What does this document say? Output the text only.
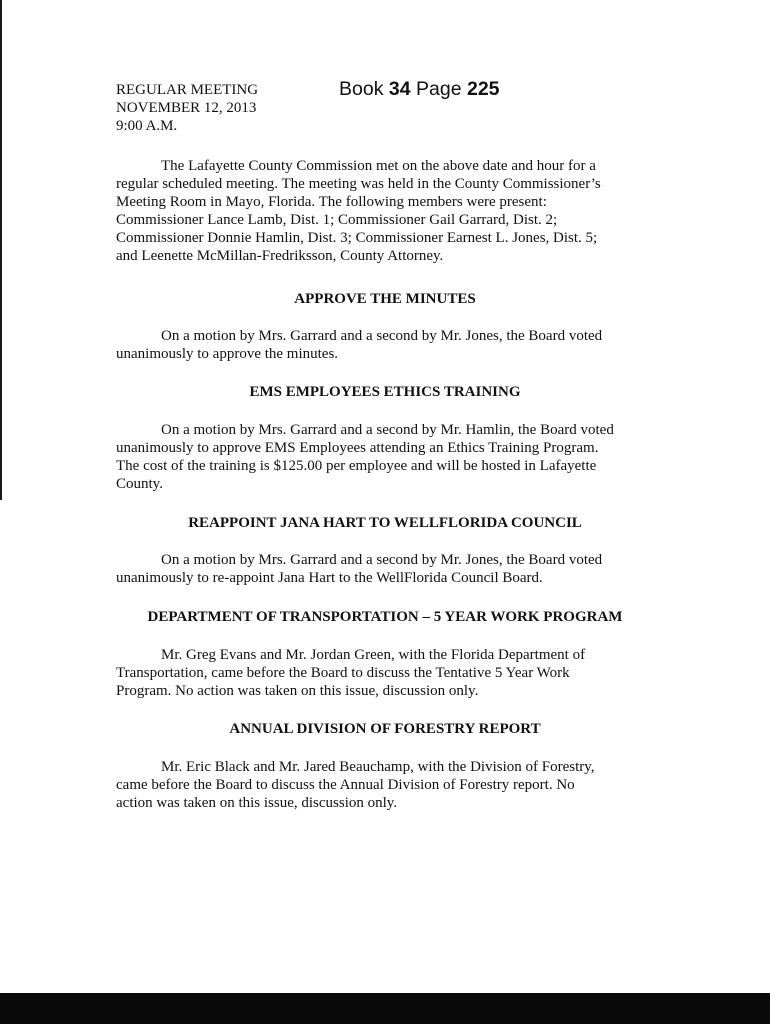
REGULAR MEETING
NOVEMBER 12, 2013
9:00 A.M.
Book 34 Page 225
The Lafayette County Commission met on the above date and hour for a
regular scheduled meeting. The meeting was held in the County Commissioner’s
Meeting Room in Mayo, Florida. The following members were present:
Commissioner Lance Lamb, Dist. 1; Commissioner Gail Garrard, Dist. 2;
Commissioner Donnie Hamlin, Dist. 3; Commissioner Earnest L. Jones, Dist. 5;
and Leenette McMillan-Fredriksson, County Attorney.
APPROVE THE MINUTES
On a motion by Mrs. Garrard and a second by Mr. Jones, the Board voted
unanimously to approve the minutes.
EMS EMPLOYEES ETHICS TRAINING
On a motion by Mrs. Garrard and a second by Mr. Hamlin, the Board voted
unanimously to approve EMS Employees attending an Ethics Training Program.
The cost of the training is $125.00 per employee and will be hosted in Lafayette
County.
REAPPOINT JANA HART TO WELLFLORIDA COUNCIL
On a motion by Mrs. Garrard and a second by Mr. Jones, the Board voted
unanimously to re-appoint Jana Hart to the WellFlorida Council Board.
DEPARTMENT OF TRANSPORTATION – 5 YEAR WORK PROGRAM
Mr. Greg Evans and Mr. Jordan Green, with the Florida Department of
Transportation, came before the Board to discuss the Tentative 5 Year Work
Program. No action was taken on this issue, discussion only.
ANNUAL DIVISION OF FORESTRY REPORT
Mr. Eric Black and Mr. Jared Beauchamp, with the Division of Forestry,
came before the Board to discuss the Annual Division of Forestry report. No
action was taken on this issue, discussion only.
